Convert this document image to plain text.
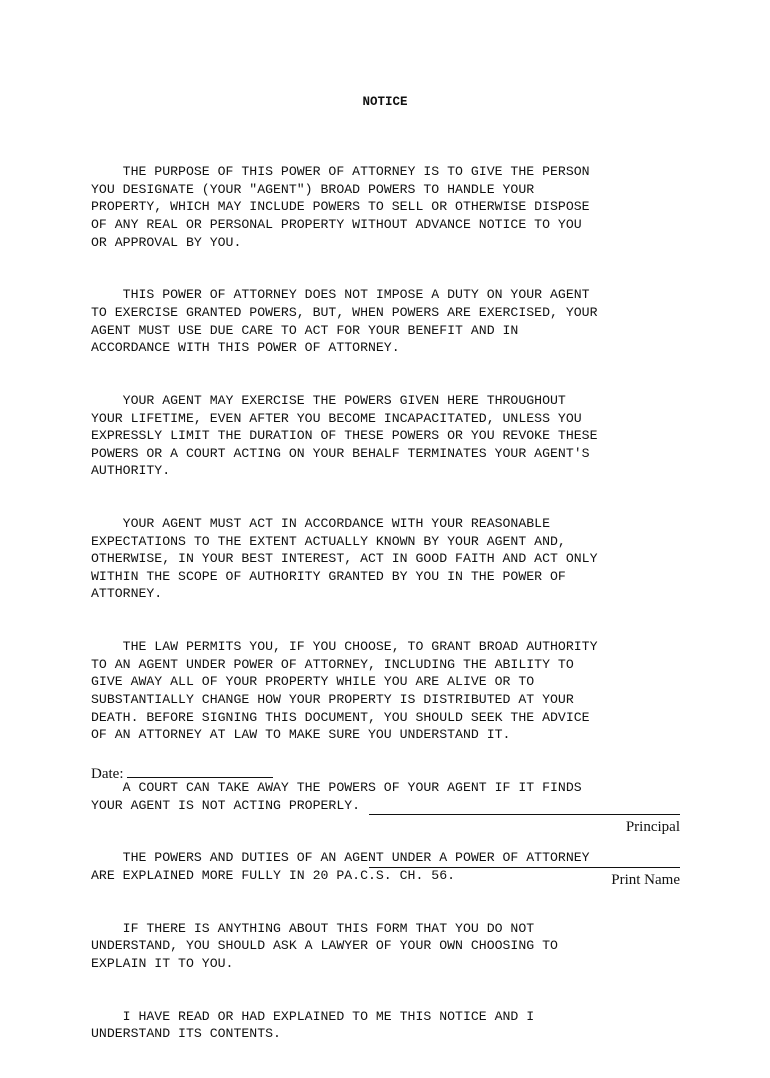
NOTICE

THE PURPOSE OF THIS POWER OF ATTORNEY IS TO GIVE THE PERSON
YOU DESIGNATE (YOUR "AGENT") BROAD POWERS TO HANDLE YOUR
PROPERTY, WHICH MAY INCLUDE POWERS TO SELL OR OTHERWISE DISPOSE
OF ANY REAL OR PERSONAL PROPERTY WITHOUT ADVANCE NOTICE TO YOU
OR APPROVAL BY YOU.

THIS POWER OF ATTORNEY DOES NOT IMPOSE A DUTY ON YOUR AGENT
TO EXERCISE GRANTED POWERS, BUT, WHEN POWERS ARE EXERCISED, YOUR
AGENT MUST USE DUE CARE TO ACT FOR YOUR BENEFIT AND IN
ACCORDANCE WITH THIS POWER OF ATTORNEY.

YOUR AGENT MAY EXERCISE THE POWERS GIVEN HERE THROUGHOUT
YOUR LIFETIME, EVEN AFTER YOU BECOME INCAPACITATED, UNLESS YOU
EXPRESSLY LIMIT THE DURATION OF THESE POWERS OR YOU REVOKE THESE
POWERS OR A COURT ACTING ON YOUR BEHALF TERMINATES YOUR AGENT'S
AUTHORITY.

YOUR AGENT MUST ACT IN ACCORDANCE WITH YOUR REASONABLE
EXPECTATIONS TO THE EXTENT ACTUALLY KNOWN BY YOUR AGENT AND,
OTHERWISE, IN YOUR BEST INTEREST, ACT IN GOOD FAITH AND ACT ONLY
WITHIN THE SCOPE OF AUTHORITY GRANTED BY YOU IN THE POWER OF
ATTORNEY.

THE LAW PERMITS YOU, IF YOU CHOOSE, TO GRANT BROAD AUTHORITY
TO AN AGENT UNDER POWER OF ATTORNEY, INCLUDING THE ABILITY TO
GIVE AWAY ALL OF YOUR PROPERTY WHILE YOU ARE ALIVE OR TO
SUBSTANTIALLY CHANGE HOW YOUR PROPERTY IS DISTRIBUTED AT YOUR
DEATH. BEFORE SIGNING THIS DOCUMENT, YOU SHOULD SEEK THE ADVICE
OF AN ATTORNEY AT LAW TO MAKE SURE YOU UNDERSTAND IT.

A COURT CAN TAKE AWAY THE POWERS OF YOUR AGENT IF IT FINDS
YOUR AGENT IS NOT ACTING PROPERLY.

THE POWERS AND DUTIES OF AN AGENT UNDER A POWER OF ATTORNEY
ARE EXPLAINED MORE FULLY IN 20 PA.C.S. CH. 56.

IF THERE IS ANYTHING ABOUT THIS FORM THAT YOU DO NOT
UNDERSTAND, YOU SHOULD ASK A LAWYER OF YOUR OWN CHOOSING TO
EXPLAIN IT TO YOU.

I HAVE READ OR HAD EXPLAINED TO ME THIS NOTICE AND I
UNDERSTAND ITS CONTENTS.

Date:
Principal
Print Name
